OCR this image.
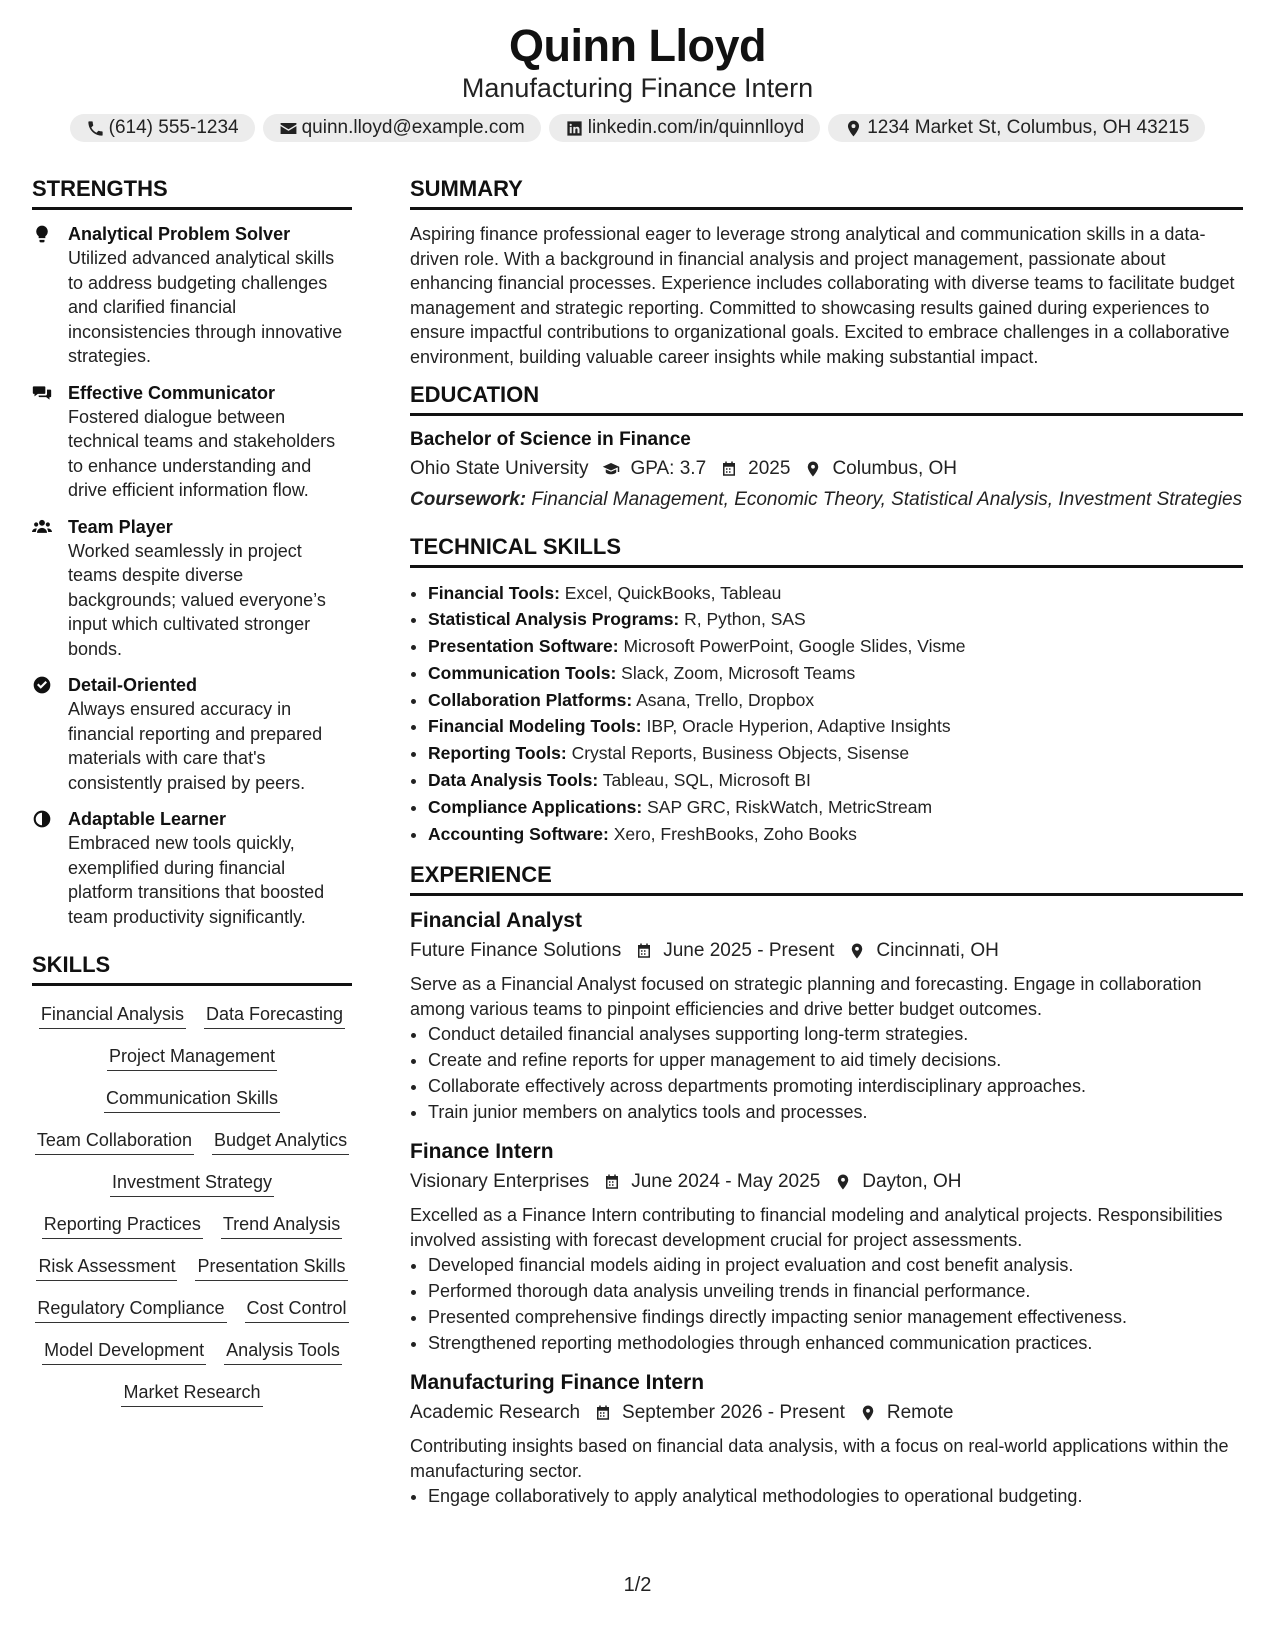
Quinn Lloyd
Manufacturing Finance Intern
(614) 555-1234	quinn.lloyd@example.com	linkedin.com/in/quinnlloyd	1234 Market St, Columbus, OH 43215
STRENGTHS
Analytical Problem Solver
Utilized advanced analytical skills to address budgeting challenges and clarified financial inconsistencies through innovative strategies.
Effective Communicator
Fostered dialogue between technical teams and stakeholders to enhance understanding and drive efficient information flow.
Team Player
Worked seamlessly in project teams despite diverse backgrounds; valued everyone’s input which cultivated stronger bonds.
Detail-Oriented
Always ensured accuracy in financial reporting and prepared materials with care that's consistently praised by peers.
Adaptable Learner
Embraced new tools quickly, exemplified during financial platform transitions that boosted team productivity significantly.
SKILLS
Financial Analysis Data Forecasting
Project Management
Communication Skills
Team Collaboration Budget Analytics
Investment Strategy
Reporting Practices Trend Analysis
Risk Assessment Presentation Skills
Regulatory Compliance Cost Control
Model Development Analysis Tools
Market Research
SUMMARY
Aspiring finance professional eager to leverage strong analytical and communication skills in a data-driven role. With a background in financial analysis and project management, passionate about enhancing financial processes. Experience includes collaborating with diverse teams to facilitate budget management and strategic reporting. Committed to showcasing results gained during experiences to ensure impactful contributions to organizational goals. Excited to embrace challenges in a collaborative environment, building valuable career insights while making substantial impact.
EDUCATION
Bachelor of Science in Finance
Ohio State University GPA: 3.7 2025 Columbus, OH
Coursework: Financial Management, Economic Theory, Statistical Analysis, Investment Strategies
TECHNICAL SKILLS
• Financial Tools: Excel, QuickBooks, Tableau
• Statistical Analysis Programs: R, Python, SAS
• Presentation Software: Microsoft PowerPoint, Google Slides, Visme
• Communication Tools: Slack, Zoom, Microsoft Teams
• Collaboration Platforms: Asana, Trello, Dropbox
• Financial Modeling Tools: IBP, Oracle Hyperion, Adaptive Insights
• Reporting Tools: Crystal Reports, Business Objects, Sisense
• Data Analysis Tools: Tableau, SQL, Microsoft BI
• Compliance Applications: SAP GRC, RiskWatch, MetricStream
• Accounting Software: Xero, FreshBooks, Zoho Books
EXPERIENCE
Financial Analyst
Future Finance Solutions June 2025 - Present Cincinnati, OH
Serve as a Financial Analyst focused on strategic planning and forecasting. Engage in collaboration among various teams to pinpoint efficiencies and drive better budget outcomes.
• Conduct detailed financial analyses supporting long-term strategies.
• Create and refine reports for upper management to aid timely decisions.
• Collaborate effectively across departments promoting interdisciplinary approaches.
• Train junior members on analytics tools and processes.
Finance Intern
Visionary Enterprises June 2024 - May 2025 Dayton, OH
Excelled as a Finance Intern contributing to financial modeling and analytical projects. Responsibilities involved assisting with forecast development crucial for project assessments.
• Developed financial models aiding in project evaluation and cost benefit analysis.
• Performed thorough data analysis unveiling trends in financial performance.
• Presented comprehensive findings directly impacting senior management effectiveness.
• Strengthened reporting methodologies through enhanced communication practices.
Manufacturing Finance Intern
Academic Research September 2026 - Present Remote
Contributing insights based on financial data analysis, with a focus on real-world applications within the manufacturing sector.
• Engage collaboratively to apply analytical methodologies to operational budgeting.
1/2
